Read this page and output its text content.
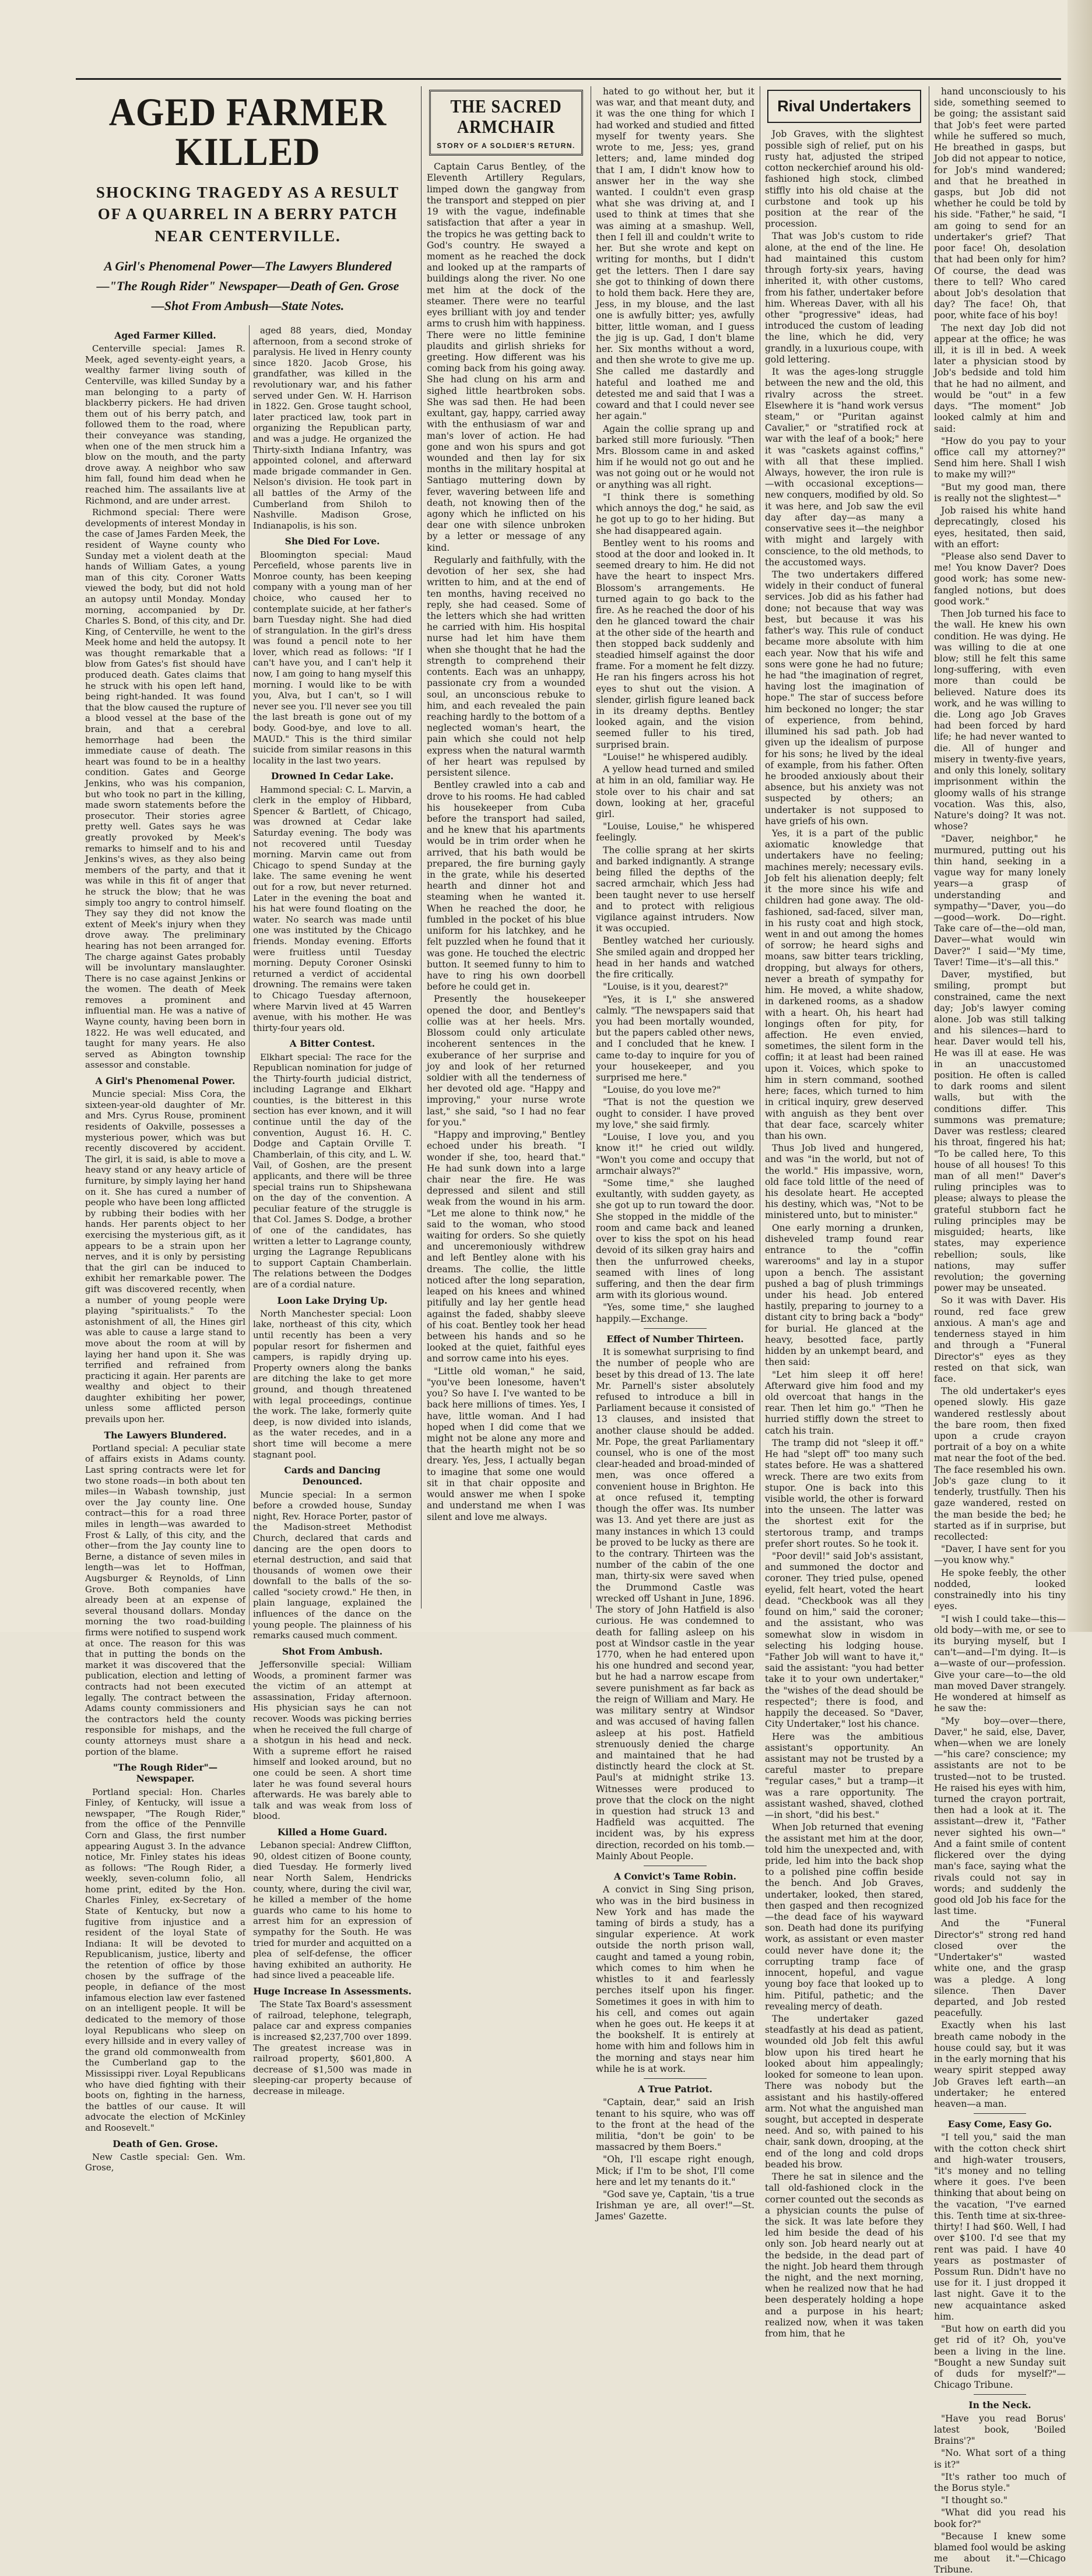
AGED FARMER KILLED
SHOCKING TRAGEDY AS A RESULT OF A QUARREL IN A BERRY PATCH NEAR CENTERVILLE.
A Girl's Phenomenal Power—The Lawyers Blundered—"The Rough Rider" Newspaper—Death of Gen. Grose—Shot From Ambush—State Notes.
Aged Farmer Killed.

Centerville special: James R. Meek, aged seventy-eight years, a wealthy farmer living south of Centerville, was killed Sunday by a man belonging to a party of blackberry pickers. He had driven them out of his berry patch, and followed them to the road, where their conveyance was standing, when one of the men struck him a blow on the mouth, and the party drove away. A neighbor who saw him fall, found him dead when he reached him. The assailants live at Richmond, and are under arrest.

Richmond special: There were developments of interest Monday in the case of James Farden Meek, the resident of Wayne county who Sunday met a violent death at the hands of William Gates, a young man of this city. Coroner Watts viewed the body, but did not hold an autopsy until Monday. Monday morning, accompanied by Dr. Charles S. Bond, of this city, and Dr. King, of Centerville, he went to the Meek home and held the autopsy. It was thought remarkable that a blow from Gates's fist should have produced death. Gates claims that he struck with his open left hand, being right-handed. It was found that the blow caused the rupture of a blood vessel at the base of the brain, and that a cerebral hemorrhage had been the immediate cause of death. The heart was found to be in a healthy condition. Gates and George Jenkins, who was his companion, but who took no part in the killing, made sworn statements before the prosecutor. Their stories agree pretty well. Gates says he was greatly provoked by Meek's remarks to himself and to his and Jenkins's wives, as they also being members of the party, and that it was while in this fit of anger that he struck the blow; that he was simply too angry to control himself. They say they did not know the extent of Meek's injury when they drove away. The preliminary hearing has not been arranged for. The charge against Gates probably will be involuntary manslaughter. There is no case against Jenkins or the women. The death of Meek removes a prominent and influential man. He was a native of Wayne county, having been born in 1822. He was well educated, and taught for many years. He also served as Abington township assessor and constable.

A Girl's Phenomenal Power.

Muncie special: Miss Cora, the sixteen-year-old daughter of Mr. and Mrs. Cyrus Rouse, prominent residents of Oakville, possesses a mysterious power, which was but recently discovered by accident. The girl, it is said, is able to move a heavy stand or any heavy article of furniture, by simply laying her hand on it. She has cured a number of people who have been long afflicted by rubbing their bodies with her hands. Her parents object to her exercising the mysterious gift, as it appears to be a strain upon her nerves, and it is only by persisting that the girl can be induced to exhibit her remarkable power. The gift was discovered recently, when a number of young people were playing "spiritualists." To the astonishment of all, the Hines girl was able to cause a large stand to move about the room at will by laying her hand upon it. She was terrified and refrained from practicing it again. Her parents are wealthy and object to their daughter exhibiting her power, unless some afflicted person prevails upon her.

The Lawyers Blundered.

Portland special: A peculiar state of affairs exists in Adams county. Last spring contracts were let for two stone roads—in both about ten miles—in Wabash township, just over the Jay county line. One contract—this for a road three miles in length—was awarded to Frost & Lally, of this city, and the other—from the Jay county line to Berne, a distance of seven miles in length—was let to Hoffman, Augsburger & Reynolds, of Linn Grove. Both companies have already been at an expense of several thousand dollars. Monday morning the two road-building firms were notified to suspend work at once. The reason for this was that in putting the bonds on the market it was discovered that the publication, election and letting of contracts had not been executed legally. The contract between the Adams county commissioners and the contractors held the county responsible for mishaps, and the county attorneys must share a portion of the blame.

"The Rough Rider"—Newspaper.

Portland special: Hon. Charles Finley, of Kentucky, will issue a newspaper, "The Rough Rider," from the office of the Pennville Corn and Glass, the first number appearing August 3. In the advance notice, Mr. Finley states his ideas as follows: "The Rough Rider, a weekly, seven-column folio, all home print, edited by the Hon. Charles Finley, ex-Secretary of State of Kentucky, but now a fugitive from injustice and a resident of the loyal State of Indiana: It will be devoted to Republicanism, justice, liberty and the retention of office by those chosen by the suffrage of the people, in defiance of the most infamous election law ever fastened on an intelligent people. It will be dedicated to the memory of those loyal Republicans who sleep on every hillside and in every valley of the grand old commonwealth from the Cumberland gap to the Mississippi river. Loyal Republicans who have died fighting with their boots on, fighting in the harness, the battles of our cause. It will advocate the election of McKinley and Roosevelt."

Death of Gen. Grose.

New Castle special: Gen. Wm. Grose,

aged 88 years, died, Monday afternoon, from a second stroke of paralysis. He lived in Henry county since 1820. Jacob Grose, his grandfather, was killed in the revolutionary war, and his father served under Gen. W. H. Harrison in 1822. Gen. Grose taught school, later practiced law, took part in organizing the Republican party, and was a judge. He organized the Thirty-sixth Indiana Infantry, was appointed colonel, and afterward made brigade commander in Gen. Nelson's division. He took part in all battles of the Army of the Cumberland from Shiloh to Nashville. Madison Grose, Indianapolis, is his son.

She Died For Love.

Bloomington special: Maud Percefield, whose parents live in Monroe county, has been keeping company with a young man of her choice, who caused her to contemplate suicide, at her father's barn Tuesday night. She had died of strangulation. In the girl's dress was found a pencil note to her lover, which read as follows: "If I can't have you, and I can't help it now, I am going to hang myself this morning. I would like to be with you, Alva, but I can't, so I will never see you. I'll never see you till the last breath is gone out of my body. Good-bye, and love to all. MAUD." This is the third similar suicide from similar reasons in this locality in the last two years.

Drowned In Cedar Lake.

Hammond special: C. L. Marvin, a clerk in the employ of Hibbard, Spencer & Bartlett, of Chicago, was drowned at Cedar lake Saturday evening. The body was not recovered until Tuesday morning. Marvin came out from Chicago to spend Sunday at the lake. The same evening he went out for a row, but never returned. Later in the evening the boat and his hat were found floating on the water. No search was made until one was instituted by the Chicago friends. Monday evening. Efforts were fruitless until Tuesday morning. Deputy Coroner Osinski returned a verdict of accidental drowning. The remains were taken to Chicago Tuesday afternoon, where Marvin lived at 45 Warren avenue, with his mother. He was thirty-four years old.

A Bitter Contest.

Elkhart special: The race for the Republican nomination for judge of the Thirty-fourth judicial district, including Lagrange and Elkhart counties, is the bitterest in this section has ever known, and it will continue until the day of the convention, August 16. H. C. Dodge and Captain Orville T. Chamberlain, of this city, and L. W. Vail, of Goshen, are the present applicants, and there will be three special trains run to Shipshewana on the day of the convention. A peculiar feature of the struggle is that Col. James S. Dodge, a brother of one of the candidates, has written a letter to Lagrange county, urging the Lagrange Republicans to support Captain Chamberlain. The relations between the Dodges are of a cordial nature.

Loon Lake Drying Up.

North Manchester special: Loon lake, northeast of this city, which until recently has been a very popular resort for fishermen and campers, is rapidly drying up. Property owners along the banks are ditching the lake to get more ground, and though threatened with legal proceedings, continue the work. The lake, formerly quite deep, is now divided into islands, as the water recedes, and in a short time will become a mere stagnant pool.

Cards and Dancing Denounced.

Muncie special: In a sermon before a crowded house, Sunday night, Rev. Horace Porter, pastor of the Madison-street Methodist Church, declared that cards and dancing are the open doors to eternal destruction, and said that thousands of women owe their downfall to the balls of the so-called "society crowd." He then, in plain language, explained the influences of the dance on the young people. The plainness of his remarks caused much comment.

Shot From Ambush.

Jeffersonville special: William Woods, a prominent farmer was the victim of an attempt at assassination, Friday afternoon. His physician says he can not recover. Woods was picking berries when he received the full charge of a shotgun in his head and neck. With a supreme effort he raised himself and looked around, but no one could be seen. A short time later he was found several hours afterwards. He was barely able to talk and was weak from loss of blood.

Killed a Home Guard.

Lebanon special: Andrew Cliffton, 90, oldest citizen of Boone county, died Tuesday. He formerly lived near North Salem, Hendricks county, where, during the civil war, he killed a member of the home guards who came to his home to arrest him for an expression of sympathy for the South. He was tried for murder and acquitted on a plea of self-defense, the officer having exhibited an authority. He had since lived a peaceable life.

Huge Increase In Assessments.

The State Tax Board's assessment of railroad, telephone, telegraph, palace car and express companies is increased $2,237,700 over 1899. The greatest increase was in railroad property, $601,800. A decrease of $1,500 was made in sleeping-car property because of decrease in mileage.

THE SACRED ARMCHAIR
STORY OF A SOLDIER'S RETURN.

Captain Carus Bentley, of the Eleventh Artillery Regulars, limped down the gangway from the transport and stepped on pier 19 with the vague, indefinable satisfaction that after a year in the tropics he was getting back to God's country. He swayed a moment as he reached the dock and looked up at the ramparts of buildings along the river. No one met him at the dock of the steamer. There were no tearful eyes brilliant with joy and tender arms to crush him with happiness. There were no little feminine plaudits and girlish shrieks for greeting. How different was his coming back from his going away. She had clung on his arm and sighed little heartbroken sobs. She was sad then. He had been exultant, gay, happy, carried away with the enthusiasm of war and man's lover of action. He had gone and won his spurs and got wounded and then lay for six months in the military hospital at Santiago muttering down by fever, wavering between life and death, not knowing then of the agony which he inflicted on his dear one with silence unbroken by a letter or message of any kind.

Regularly and faithfully, with the devotion of her sex, she had written to him, and at the end of ten months, having received no reply, she had ceased. Some of the letters which she had written he carried with him. His hospital nurse had let him have them when she thought that he had the strength to comprehend their contents. Each was an unhappy, passionate cry from a wounded soul, an unconscious rebuke to him, and each revealed the pain reaching hardly to the bottom of a neglected woman's heart, the pain which she could not help express when the natural warmth of her heart was repulsed by persistent silence.

Bentley crawled into a cab and drove to his rooms. He had cabled his housekeeper from Cuba before the transport had sailed, and he knew that his apartments would be in trim order when he arrived, that his bath would be prepared, the fire burning gayly in the grate, while his deserted hearth and dinner hot and steaming when he wanted it. When he reached the door, he fumbled in the pocket of his blue uniform for his latchkey, and he felt puzzled when he found that it was gone. He touched the electric button. It seemed funny to him to have to ring his own doorbell before he could get in.

Presently the housekeeper opened the door, and Bentley's collie was at her heels. Mrs. Blossom could only articulate incoherent sentences in the exuberance of her surprise and joy and look of her returned soldier with all the tenderness of her devoted old age. "Happy and improving," your nurse wrote last," she said, "so I had no fear for you."

"Happy and improving," Bentley echoed under his breath. "I wonder if she, too, heard that." He had sunk down into a large chair near the fire. He was depressed and silent and still weak from the wound in his arm. "Let me alone to think now," he said to the woman, who stood waiting for orders. So she quietly and unceremoniously withdrew and left Bentley alone with his dreams. The collie, the little noticed after the long separation, leaped on his knees and whined pitifully and lay her gentle head against the faded, shabby sleeve of his coat. Bentley took her head between his hands and so he looked at the quiet, faithful eyes and sorrow came into his eyes.

"Little old woman," he said, "you've been lonesome, haven't you? So have I. I've wanted to be back here millions of times. Yes, I have, little woman. And I had hoped when I did come that we might not be alone any more and that the hearth might not be so dreary. Yes, Jess, I actually began to imagine that some one would sit in that chair opposite and would answer me when I spoke and understand me when I was silent and love me always.

hated to go without her, but it was war, and that meant duty, and it was the one thing for which I had worked and studied and fitted myself for twenty years. She wrote to me, Jess; yes, grand letters; and, lame minded dog that I am, I didn't know how to answer her in the way she wanted. I couldn't even grasp what she was driving at, and I used to think at times that she was aiming at a smashup. Well, then I fell ill and couldn't write to her. But she wrote and kept on writing for months, but I didn't get the letters. Then I dare say she got to thinking of down there to hold them back. Here they are, Jess, in my blouse, and the last one is awfully bitter; yes, awfully bitter, little woman, and I guess the jig is up. Gad, I don't blame her. Six months without a word, and then she wrote to give me up. She called me dastardly and hateful and loathed me and detested me and said that I was a coward and that I could never see her again."

Again the collie sprang up and barked still more furiously. "Then Mrs. Blossom came in and asked him if he would not go out and he was not going out or he would not or anything was all right.

"I think there is something which annoys the dog," he said, as he got up to go to her hiding. But she had disappeared again.

Bentley went to his rooms and stood at the door and looked in. It seemed dreary to him. He did not have the heart to inspect Mrs. Blossom's arrangements. He turned again to go back to the fire. As he reached the door of his den he glanced toward the chair at the other side of the hearth and then stopped back suddenly and steadied himself against the door frame. For a moment he felt dizzy. He ran his fingers across his hot eyes to shut out the vision. A slender, girlish figure leaned back in its dreamy depths. Bentley looked again, and the vision seemed fuller to his tired, surprised brain.

"Louise!" he whispered audibly.

A yellow head turned and smiled at him in an old, familiar way. He stole over to his chair and sat down, looking at her, graceful girl.

"Louise, Louise," he whispered feelingly.

The collie sprang at her skirts and barked indignantly. A strange being filled the depths of the sacred armchair, which Jess had been taught never to use herself and to protect with religious vigilance against intruders. Now it was occupied.

Bentley watched her curiously. She smiled again and dropped her head in her hands and watched the fire critically.

"Louise, is it you, dearest?"

"Yes, it is I," she answered calmly. "The newspapers said that you had been mortally wounded, but the papers cabled other news, and I concluded that he knew. I came to-day to inquire for you of your housekeeper, and you surprised me here."

"Louise, do you love me?"

"That is not the question we ought to consider. I have proved my love," she said firmly.

"Louise, I love you, and you know it!" he cried out wildly. "Won't you come and occupy that armchair always?"

"Some time," she laughed exultantly, with sudden gayety, as she got up to run toward the door. She stopped in the middle of the room and came back and leaned over to kiss the spot on his head devoid of its silken gray hairs and then the unfurrowed cheeks, seamed with lines of long suffering, and then the dear firm arm with its glorious wound.

"Yes, some time," she laughed happily.—Exchange.

Effect of Number Thirteen.

It is somewhat surprising to find the number of people who are beset by this dread of 13. The late Mr. Parnell's sister absolutely refused to introduce a bill in Parliament because it consisted of 13 clauses, and insisted that another clause should be added. Mr. Pope, the great Parliamentary counsel, who is one of the most clear-headed and broad-minded of men, was once offered a convenient house in Brighton. He at once refused it, tempting though the offer was. Its number was 13. And yet there are just as many instances in which 13 could be proved to be lucky as there are to the contrary. Thirteen was the number of the cabin of the one man, thirty-six were saved when the Drummond Castle was wrecked off Ushant in June, 1896. The story of John Hatfield is also curious. He was condemned to death for falling asleep on his post at Windsor castle in the year 1770, when he had entered upon his one hundred and second year, but he had a narrow escape from severe punishment as far back as the reign of William and Mary. He was military sentry at Windsor and was accused of having fallen asleep at his post. Hatfield strenuously denied the charge and maintained that he had distinctly heard the clock at St. Paul's at midnight strike 13. Witnesses were produced to prove that the clock on the night in question had struck 13 and Hadfield was acquitted. The incident was, by his express direction, recorded on his tomb.—Mainly About People.

A Convict's Tame Robin.

A convict in Sing Sing prison, who was in the bird business in New York and has made the taming of birds a study, has a singular experience. At work outside the north prison wall, caught and tamed a young robin, which comes to him when he whistles to it and fearlessly perches itself upon his finger. Sometimes it goes in with him to his cell, and comes out again when he goes out. He keeps it at the bookshelf. It is entirely at home with him and follows him in the morning and stays near him while he is at work.

A True Patriot.

"Captain, dear," said an Irish tenant to his squire, who was off to the front at the head of the militia, "don't be goin' to be massacred by them Boers."

"Oh, I'll escape right enough, Mick; if I'm to be shot, I'll come here and let my tenants do it."

"God save ye, Captain, 'tis a true Irishman ye are, all over!"—St. James' Gazette.

Rival Undertakers

Job Graves, with the slightest possible sigh of relief, put on his rusty hat, adjusted the striped cotton neckerchief around his old-fashioned high stock, climbed stiffly into his old chaise at the curbstone and took up his position at the rear of the procession.

That was Job's custom to ride alone, at the end of the line. He had maintained this custom through forty-six years, having inherited it, with other customs, from his father, undertaker before him. Whereas Daver, with all his other "progressive" ideas, had introduced the custom of leading the line, which he did, very grandly, in a luxurious coupe, with gold lettering.

It was the ages-long struggle between the new and the old, this rivalry across the street. Elsewhere it is "hand work versus steam," or "Puritan against Cavalier," or "stratified rock at war with the leaf of a book;" here it was "caskets against coffins," with all that these implied. Always, however, the iron rule is—with occasional exceptions—new conquers, modified by old. So it was here, and Job saw the evil day after day—as many a conservative sees it—the neighbor with might and largely with conscience, to the old methods, to the accustomed ways.

The two undertakers differed widely in their conduct of funeral services. Job did as his father had done; not because that way was best, but because it was his father's way. This rule of conduct became more absolute with him each year. Now that his wife and sons were gone he had no future; he had "the imagination of regret, having lost the imagination of hope." The star of success before him beckoned no longer; the star of experience, from behind, illumined his sad path. Job had given up the idealism of purpose for his sons; he lived by the ideal of example, from his father. Often he brooded anxiously about their absence, but his anxiety was not suspected by others; an undertaker is not supposed to have griefs of his own.

Yes, it is a part of the public axiomatic knowledge that undertakers have no feeling; machines merely; necessary evils. Job felt his alienation deeply; felt it the more since his wife and children had gone away. The old-fashioned, sad-faced, silver man, in his rusty coat and high stock, went in and out among the homes of sorrow; he heard sighs and moans, saw bitter tears trickling, dropping, but always for others, never a breath of sympathy for him. He moved, a white shadow, in darkened rooms, as a shadow with a heart. Oh, his heart had longings often for pity, for affection. He even envied, sometimes, the silent form in the coffin; it at least had been rained upon it. Voices, which spoke to him in stern command, soothed here; faces, which turned to him in critical inquiry, grew deserved with anguish as they bent over that dear face, scarcely whiter than his own.

Thus Job lived and hungered, and was "in the world, but not of the world." His impassive, worn, old face told little of the need of his desolate heart. He accepted his destiny, which was, "Not to be ministered unto, but to minister."

One early morning a drunken, disheveled tramp found rear entrance to the "coffin warerooms" and lay in a stupor upon a bench. The assistant pushed a bag of plush trimmings under his head. Job entered hastily, preparing to journey to a distant city to bring back a "body" for burial. He glanced at the heavy, besotted face, partly hidden by an unkempt beard, and then said:

"Let him sleep it off here! Afterward give him food and my old overcoat that hangs in the rear. Then let him go." "Then he hurried stiffly down the street to catch his train.

The tramp did not "sleep it off." He had "slept off" too many such states before. He was a shattered wreck. There are two exits from stupor. One is back into this visible world, the other is forward into the unseen. The latter was the shortest exit for the stertorous tramp, and tramps prefer short routes. So he took it.

"Poor devil!" said Job's assistant, and summoned the doctor and coroner. They tried pulse, opened eyelid, felt heart, voted the heart dead. "Checkbook was all they found on him," said the coroner; and the assistant, who was somewhat slow in wisdom in selecting his lodging house. "Father Job will want to have it," said the assistant: "you had better take it to your own undertaker," the "wishes of the dead should be respected"; there is food, and happily the deceased. So "Daver, City Undertaker," lost his chance.

Here was the ambitious assistant's opportunity. An assistant may not be trusted by a careful master to prepare "regular cases," but a tramp—it was a rare opportunity. The assistant washed, shaved, clothed—in short, "did his best."

When Job returned that evening the assistant met him at the door, told him the unexpected and, with pride, led him into the back shop to a polished pine coffin beside the bench. And Job Graves, undertaker, looked, then stared, then gasped and then recognized—the dead face of his wayward son. Death had done its purifying work, as assistant or even master could never have done it; the corrupting tramp face of innocent, hopeful, and vague young boy face that looked up to him. Pitiful, pathetic; and the revealing mercy of death.

The undertaker gazed steadfastly at his dead as patient, wounded old Job felt this awful blow upon his tired heart he looked about him appealingly; looked for someone to lean upon. There was nobody but the assistant and his hastily-offered arm. Not what the anguished man sought, but accepted in desperate need. And so, with pained to his chair, sank down, drooping, at the end of the long and cold drops beaded his brow.

There he sat in silence and the tall old-fashioned clock in the corner counted out the seconds as a physician counts the pulse of the sick. It was late before they led him beside the dead of his only son. Job heard nearly out at the bedside, in the dead part of the night. Job heard them through the night, and the next morning, when he realized now that he had been desperately holding a hope and a purpose in his heart; realized now, when it was taken from him, that he

hand unconsciously to his side, something seemed to be going; the assistant said that Job's feet were parted while he suffered so much, He breathed in gasps, but Job did not appear to notice, for Job's mind wandered; and that he breathed in gasps, but Job did not whether he could be told by his side. "Father," he said, "I am going to send for an undertaker's grief? That poor face! Oh, desolation that had been only for him? Of course, the dead was there to tell? Who cared about Job's desolation that day? The face! Oh, that poor, white face of his boy!

The next day Job did not appear at the office; he was ill, it is ill in bed. A week later a physician stood by Job's bedside and told him that he had no ailment, and would be "out" in a few days. "The moment" Job looked calmly at him and said:

"How do you pay to your office call my attorney?" Send him here. Shall I wish to make my will?"

"But my good man, there is really not the slightest—"

Job raised his white hand deprecatingly, closed his eyes, hesitated, then said, with an effort:

"Please also send Daver to me! You know Daver? Does good work; has some new-fangled notions, but does good work."

Then Job turned his face to the wall. He knew his own condition. He was dying. He was willing to die at one blow; still he felt this same long-suffering, with even more than could be believed. Nature does its work, and he was willing to die. Long ago Job Graves had been forced by hard life; he had never wanted to die. All of hunger and misery in twenty-five years, and only this lonely, solitary imprisonment within the gloomy walls of his strange vocation. Was this, also, Nature's doing? It was not. whose?

"Daver, neighbor," he murmured, putting out his thin hand, seeking in a vague way for many lonely years—a grasp of understanding and sympathy—"Daver, you—do—good—work. Do—right. Take care of—the—old man, Daver—what would win Daver?" I said—"My time, Taver! Time—it's—all this."

Daver, mystified, but smiling, prompt but constrained, came the next day; Job's lawyer coming alone. Job was still talking and his silences—hard to hear. Daver would tell his, He was ill at ease. He was in an unaccustomed position. He often is called to dark rooms and silent walls, but with the conditions differ. This summons was premature; Daver was restless; cleared his throat, fingered his hat; "To be called here, To this house of all houses! To this man of all men!" Daver's ruling principles was to please; always to please the grateful stubborn fact he ruling principles may be misguided; hearts, like states, may experience rebellion; souls, like nations, may suffer revolution; the governing power may be unseated.

So it was with Daver. His round, red face grew anxious. A man's age and tenderness stayed in him and through a "Funeral Director's" eyes as they rested on that sick, wan face.

The old undertaker's eyes opened slowly. His gaze wandered restlessly about the bare room, then fixed upon a crude crayon portrait of a boy on a white mat near the foot of the bed. The face resembled his own. Job's gaze clung to it tenderly, trustfully. Then his gaze wandered, rested on the man beside the bed; he started as if in surprise, but recollected:

"Daver, I have sent for you—you know why."

He spoke feebly, the other nodded, looked constrainedly into his tiny eyes.

"I wish I could take—this—old body—with me, or see to its burying myself, but I can't—and—I'm dying. It—is a—waste of our—profession. Give your care—to—the old man moved Daver strangely. He wondered at himself as he saw the:

"My boy—over—there, Daver," he said, else, Daver, when—when we are lonely—"his care? conscience; my assistants are not to be trusted—not to be trusted. He raised his eyes with him, turned the crayon portrait, then had a look at it. The assistant—drew it, "Father never sighted his own—" And a faint smile of content flickered over the dying man's face, saying what the rivals could not say in words; and suddenly the good old Job his face for the last time.

And the "Funeral Director's" strong red hand closed over the "Undertaker's" wasted white one, and the grasp was a pledge. A long silence. Then Daver departed, and Job rested peacefully.

Exactly when his last breath came nobody in the house could say, but it was in the early morning that his weary spirit stepped away Job Graves left earth—an undertaker; he entered heaven—a man.

Easy Come, Easy Go.

"I tell you," said the man with the cotton check shirt and high-water trousers, "it's money and no telling where it goes. I've been thinking that about being on the vacation, "I've earned this. Tenth time at six-three-thirty! I had $60. Well, I had over $100. I'd see that my rent was paid. I have 40 years as postmaster of Possum Run. Didn't have no use for it. I just dropped it last night. Gave it to the new acquaintance asked him.

"But how on earth did you get rid of it? Oh, you've been a living in the line. "Bought a new Sunday suit of duds for myself?"—Chicago Tribune.

In the Neck.

"Have you read Borus' latest book, 'Boiled Brains'?"

"No. What sort of a thing is it?"

"It's rather too much of the Borus style."

"I thought so."

"What did you read his book for?"

"Because I knew some blamed fool would be asking me about it."—Chicago Tribune.
